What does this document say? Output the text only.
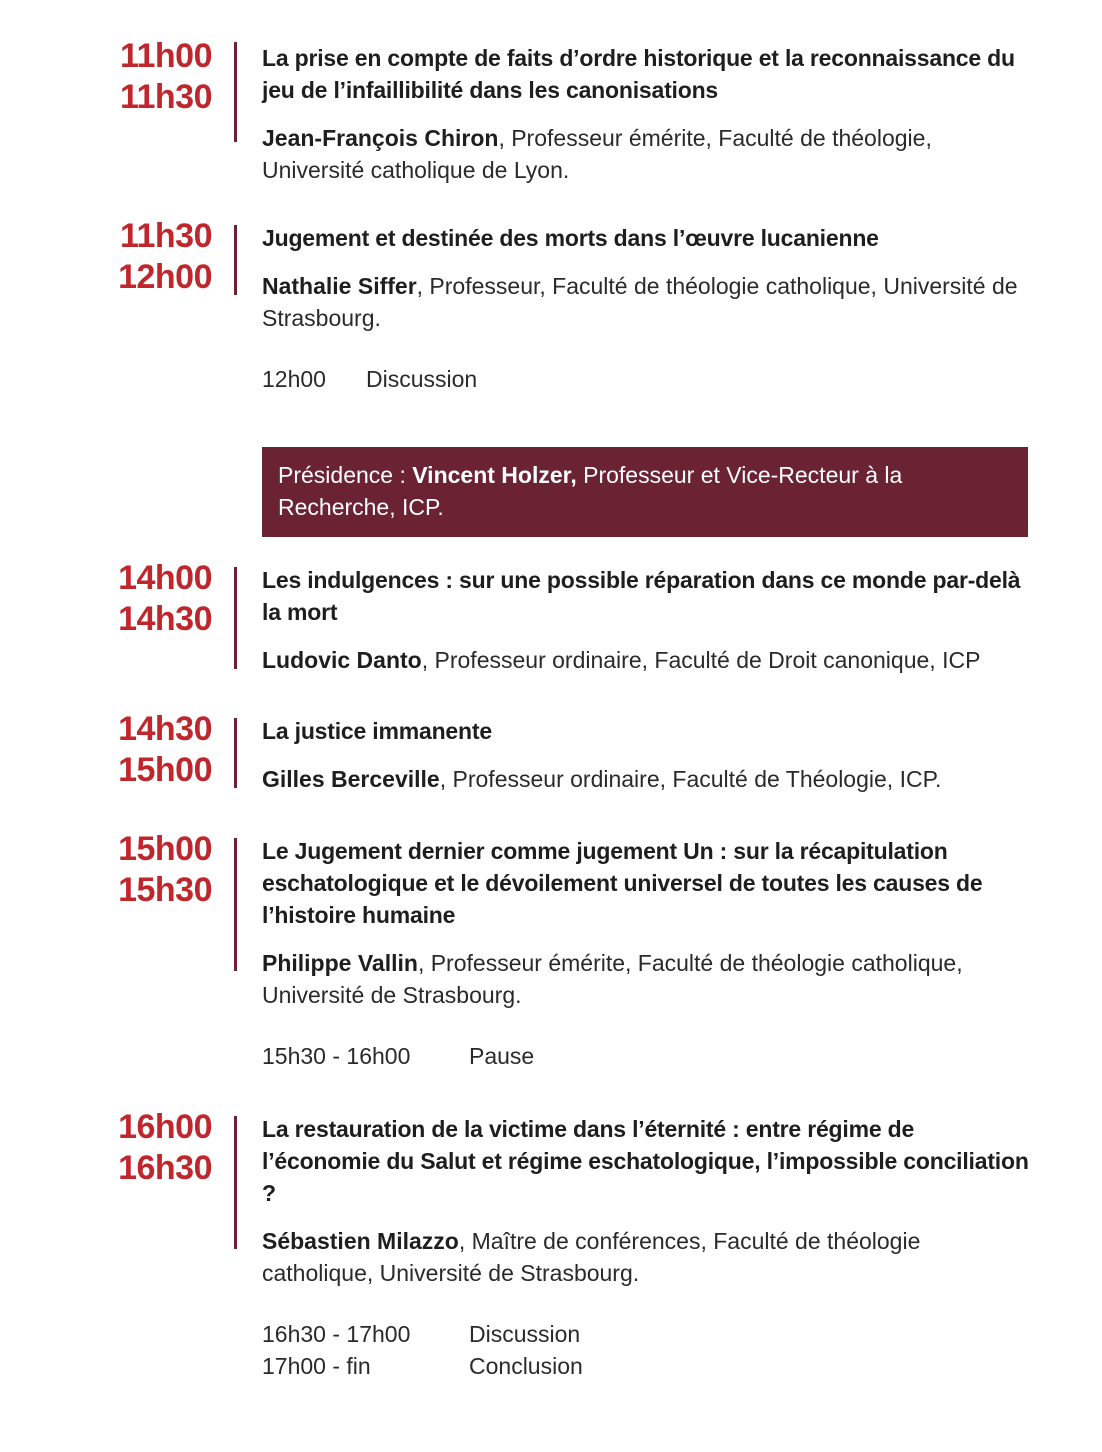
11h00
11h30

La prise en compte de faits d’ordre historique et la reconnaissance du jeu de l’infaillibilité dans les canonisations

Jean-François Chiron, Professeur émérite, Faculté de théologie, Université catholique de Lyon.

11h30
12h00

Jugement et destinée des morts dans l’œuvre lucanienne

Nathalie Siffer, Professeur, Faculté de théologie catholique, Université de Strasbourg.

12h00 Discussion
Présidence : Vincent Holzer, Professeur et Vice-Recteur à la Recherche, ICP.
14h00
14h30

Les indulgences : sur une possible réparation dans ce monde par-delà la mort

Ludovic Danto, Professeur ordinaire, Faculté de Droit canonique, ICP

14h30
15h00

La justice immanente

Gilles Berceville, Professeur ordinaire, Faculté de Théologie, ICP.

15h00
15h30

Le Jugement dernier comme jugement Un : sur la récapitulation eschatologique et le dévoilement universel de toutes les causes de l’histoire humaine

Philippe Vallin, Professeur émérite, Faculté de théologie catholique, Université de Strasbourg.

15h30 - 16h00	Pause
16h00
16h30

La restauration de la victime dans l’éternité : entre régime de l’économie du Salut et régime eschatologique, l’impossible conciliation ?

Sébastien Milazzo, Maître de conférences, Faculté de théologie catholique, Université de Strasbourg.

16h30 - 17h00	Discussion
17h00 - fin	Conclusion
